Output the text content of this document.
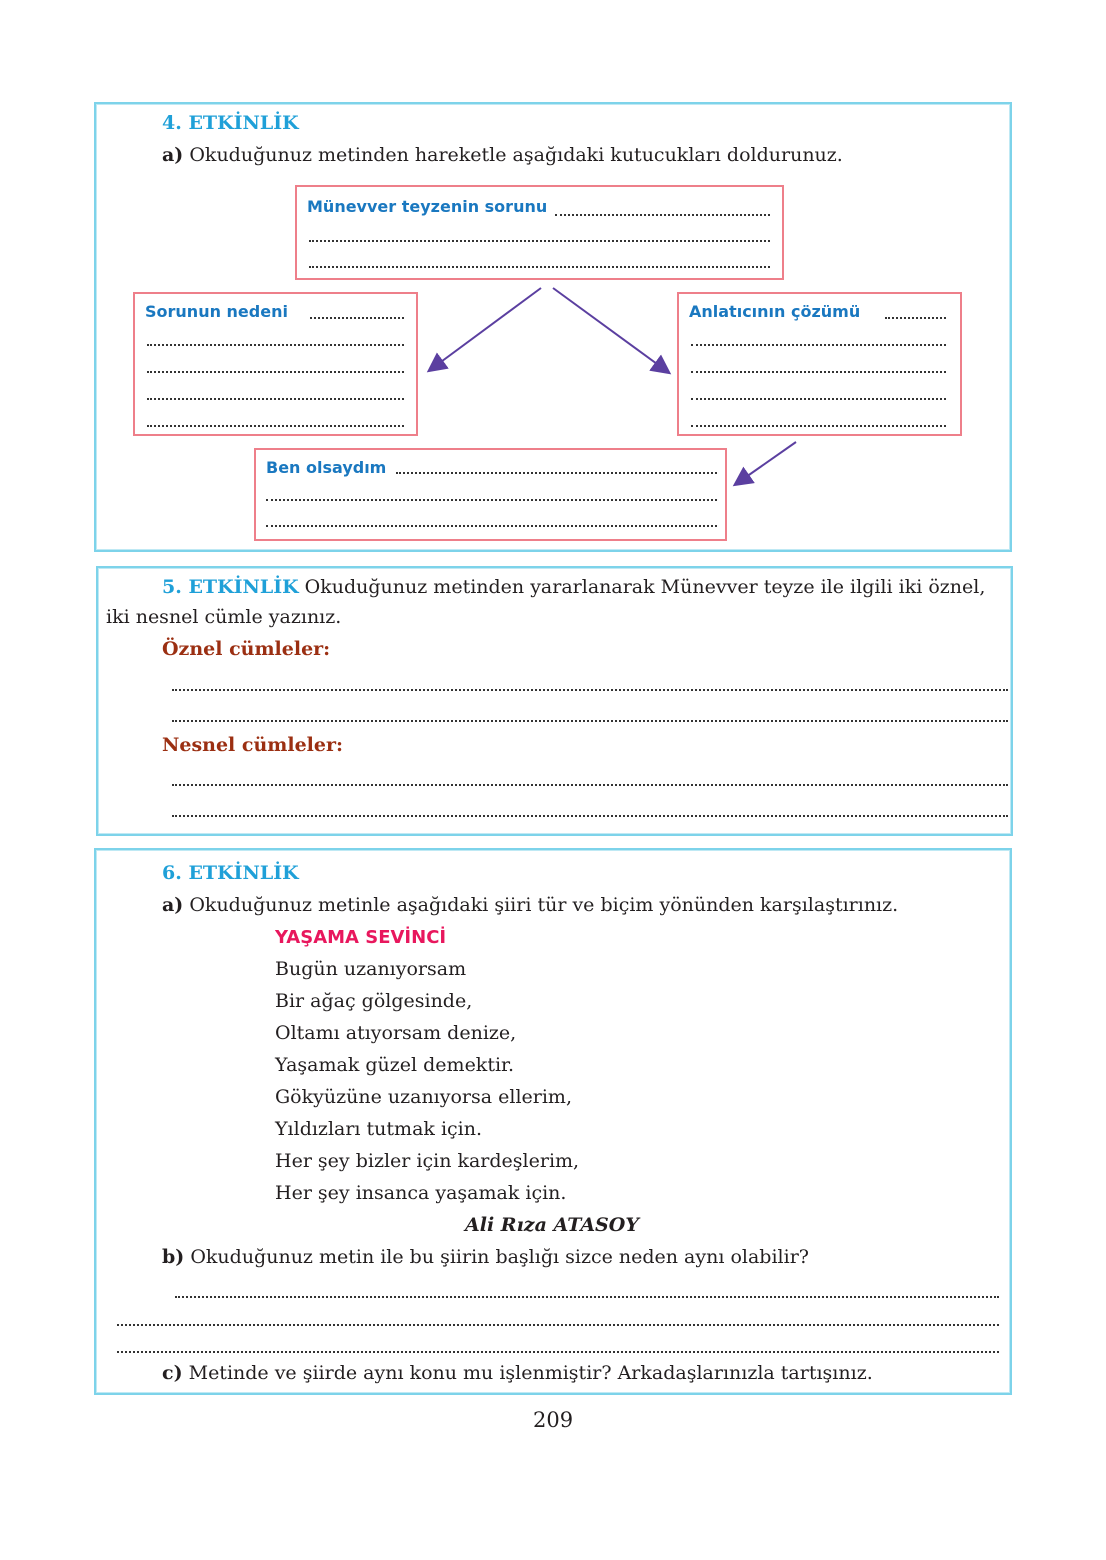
4. ETKİNLİK
a) Okuduğunuz metinden hareketle aşağıdaki kutucukları doldurunuz.
Münevver teyzenin sorunu
Sorunun nedeni	Anlatıcının çözümü
Ben olsaydım
5. ETKİNLİK Okuduğunuz metinden yararlanarak Münevver teyze ile ilgili iki öznel,
iki nesnel cümle yazınız.
Öznel cümleler:
Nesnel cümleler:
6. ETKİNLİK
a) Okuduğunuz metinle aşağıdaki şiiri tür ve biçim yönünden karşılaştırınız.
YAŞAMA SEVİNCİ
Bugün uzanıyorsam
Bir ağaç gölgesinde,
Oltamı atıyorsam denize,
Yaşamak güzel demektir.
Gökyüzüne uzanıyorsa ellerim,
Yıldızları tutmak için.
Her şey bizler için kardeşlerim,
Her şey insanca yaşamak için.
Ali Rıza ATASOY
b) Okuduğunuz metin ile bu şiirin başlığı sizce neden aynı olabilir?
c) Metinde ve şiirde aynı konu mu işlenmiştir? Arkadaşlarınızla tartışınız.
209
